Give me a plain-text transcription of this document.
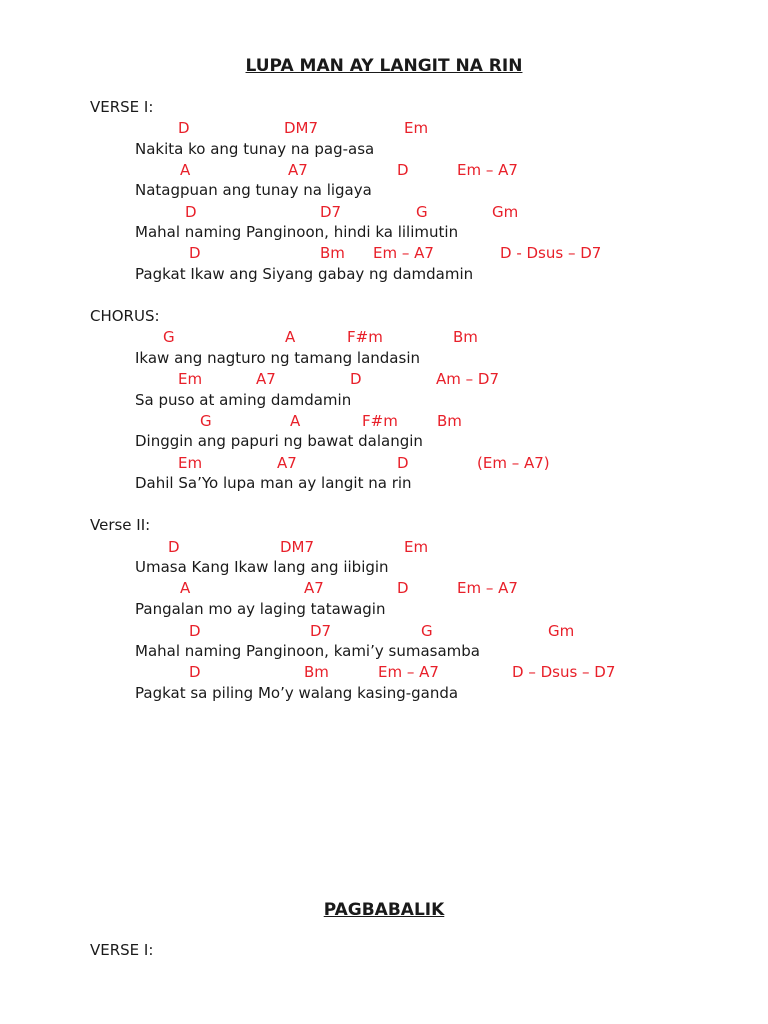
LUPA MAN AY LANGIT NA RIN
VERSE I:
D	DM7	Em
Nakita ko ang tunay na pag-asa
A	A7	D	Em – A7
Natagpuan ang tunay na ligaya
D	D7	G	Gm
Mahal naming Panginoon, hindi ka lilimutin
D	Bm Em – A7	D - Dsus – D7
Pagkat Ikaw ang Siyang gabay ng damdamin
CHORUS:
G	A	F#m	Bm
Ikaw ang nagturo ng tamang landasin
Em	A7	D	Am – D7
Sa puso at aming damdamin
G	A	F#m	Bm
Dinggin ang papuri ng bawat dalangin
Em	A7	D	(Em – A7)
Dahil Sa’Yo lupa man ay langit na rin
Verse II:
D	DM7	Em
Umasa Kang Ikaw lang ang iibigin
A	A7	D	Em – A7
Pangalan mo ay laging tatawagin
D	D7	G	Gm
Mahal naming Panginoon, kami’y sumasamba
D	Bm	Em – A7	D – Dsus – D7
Pagkat sa piling Mo’y walang kasing-ganda
PAGBABALIK
VERSE I:
